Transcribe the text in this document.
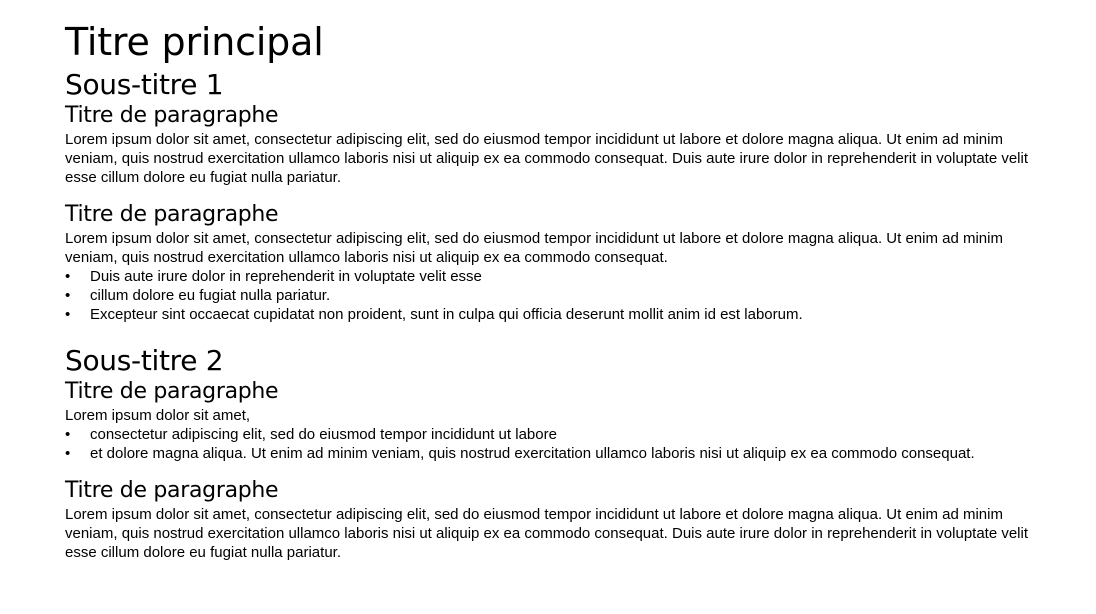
Titre principal
Sous-titre 1
Titre de paragraphe

Lorem ipsum dolor sit amet, consectetur adipiscing elit, sed do eiusmod tempor incididunt ut labore et dolore magna aliqua. Ut enim ad minim veniam, quis nostrud exercitation ullamco laboris nisi ut aliquip ex ea commodo consequat. Duis aute irure dolor in reprehenderit in voluptate velit esse cillum dolore eu fugiat nulla pariatur.

Titre de paragraphe

Lorem ipsum dolor sit amet, consectetur adipiscing elit, sed do eiusmod tempor incididunt ut labore et dolore magna aliqua. Ut enim ad minim veniam, quis nostrud exercitation ullamco laboris nisi ut aliquip ex ea commodo consequat.

•	Duis aute irure dolor in reprehenderit in voluptate velit esse
•	cillum dolore eu fugiat nulla pariatur.
•	Excepteur sint occaecat cupidatat non proident, sunt in culpa qui officia deserunt mollit anim id est laborum.
Sous-titre 2
Titre de paragraphe

Lorem ipsum dolor sit amet,

•	consectetur adipiscing elit, sed do eiusmod tempor incididunt ut labore
•	et dolore magna aliqua. Ut enim ad minim veniam, quis nostrud exercitation ullamco laboris nisi ut aliquip ex ea commodo consequat.
Titre de paragraphe

Lorem ipsum dolor sit amet, consectetur adipiscing elit, sed do eiusmod tempor incididunt ut labore et dolore magna aliqua. Ut enim ad minim veniam, quis nostrud exercitation ullamco laboris nisi ut aliquip ex ea commodo consequat. Duis aute irure dolor in reprehenderit in voluptate velit esse cillum dolore eu fugiat nulla pariatur.
